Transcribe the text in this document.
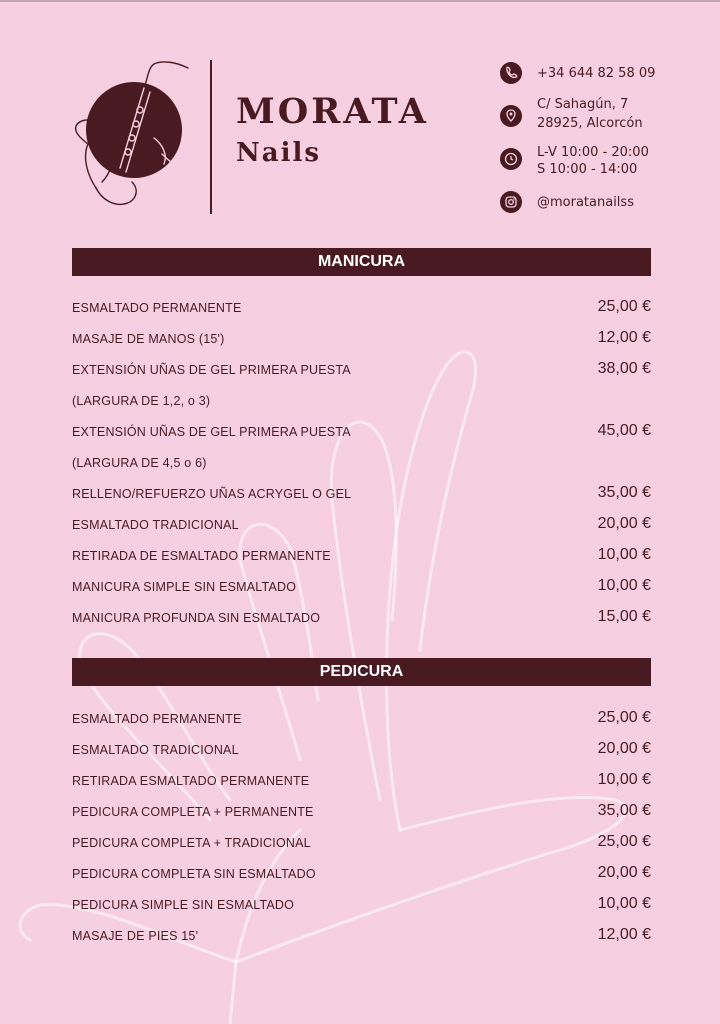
MORATA
Nails
+34 644 82 58 09
C/ Sahagún, 7
28925, Alcorcón
L-V 10:00 - 20:00
S 10:00 - 14:00
@moratanailss
MANICURA
ESMALTADO PERMANENTE	25,00 €
MASAJE DE MANOS (15')	12,00 €
EXTENSIÓN UÑAS DE GEL PRIMERA PUESTA	38,00 €
(LARGURA DE 1,2, o 3)
EXTENSIÓN UÑAS DE GEL PRIMERA PUESTA	45,00 €
(LARGURA DE 4,5 o 6)
RELLENO/REFUERZO UÑAS ACRYGEL O GEL	35,00 €
ESMALTADO TRADICIONAL	20,00 €
RETIRADA DE ESMALTADO PERMANENTE	10,00 €
MANICURA SIMPLE SIN ESMALTADO	10,00 €
MANICURA PROFUNDA SIN ESMALTADO	15,00 €
PEDICURA
ESMALTADO PERMANENTE	25,00 €
ESMALTADO TRADICIONAL	20,00 €
RETIRADA ESMALTADO PERMANENTE	10,00 €
PEDICURA COMPLETA + PERMANENTE	35,00 €
PEDICURA COMPLETA + TRADICIONAL	25,00 €
PEDICURA COMPLETA SIN ESMALTADO	20,00 €
PEDICURA SIMPLE SIN ESMALTADO	10,00 €
MASAJE DE PIES 15'	12,00 €
